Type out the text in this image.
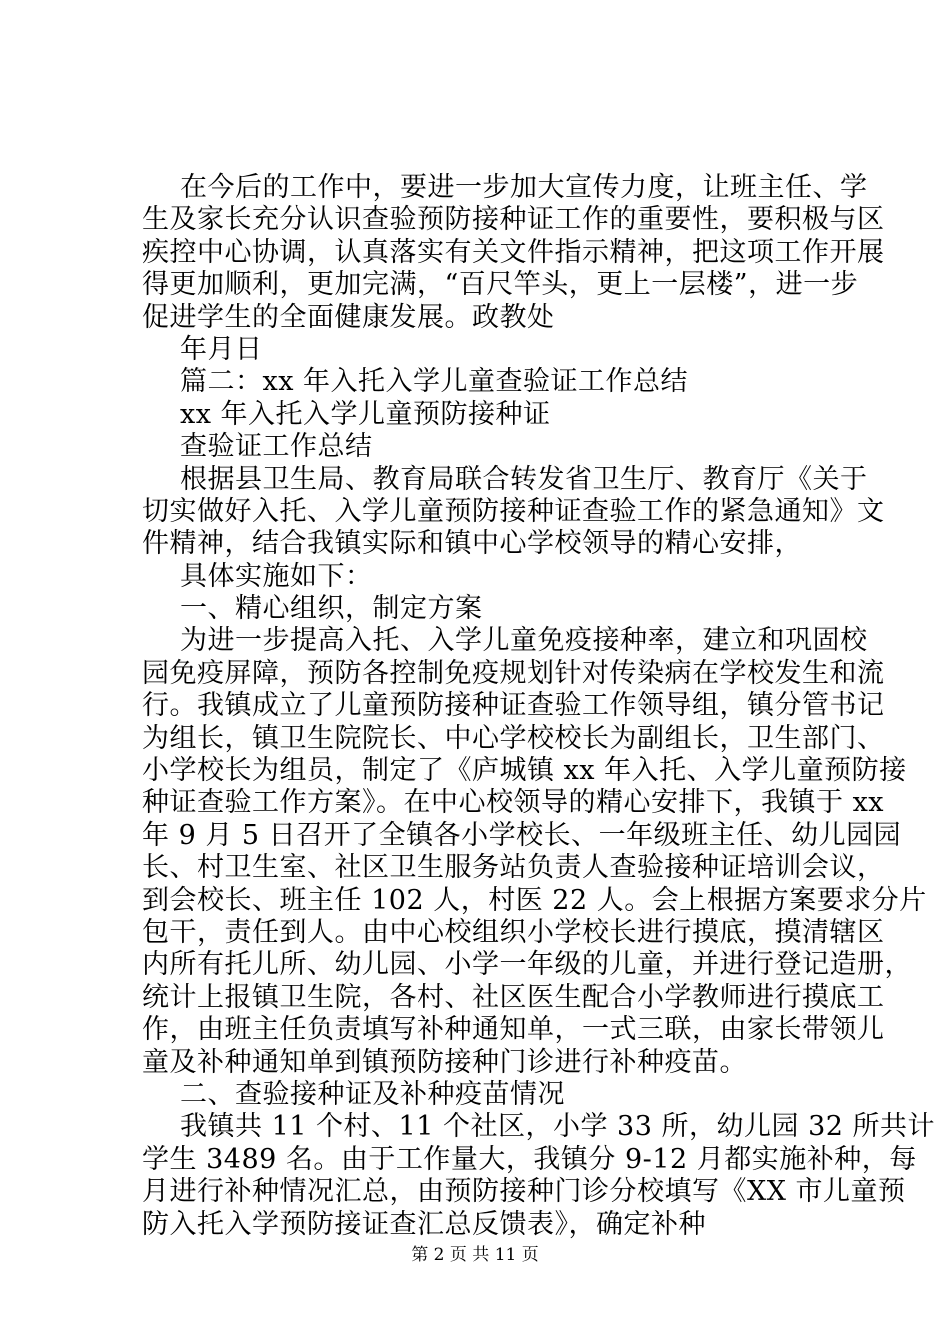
在今后的工作中，要进一步加大宣传力度，让班主任、学
生及家长充分认识查验预防接种证工作的重要性，要积极与区
疾控中心协调，认真落实有关文件指示精神，把这项工作开展
得更加顺利，更加完满，“百尺竿头，更上一层楼”，进一步
促进学生的全面健康发展。政教处
年月日
篇二：xx 年入托入学儿童查验证工作总结
xx 年入托入学儿童预防接种证
查验证工作总结
根据县卫生局、教育局联合转发省卫生厅、教育厅《关于
切实做好入托、入学儿童预防接种证查验工作的紧急通知》文
件精神，结合我镇实际和镇中心学校领导的精心安排，
具体实施如下：
一、精心组织，制定方案
为进一步提高入托、入学儿童免疫接种率，建立和巩固校
园免疫屏障，预防各控制免疫规划针对传染病在学校发生和流
行。我镇成立了儿童预防接种证查验工作领导组，镇分管书记
为组长，镇卫生院院长、中心学校校长为副组长，卫生部门、
小学校长为组员，制定了《庐城镇 xx 年入托、入学儿童预防接
种证查验工作方案》。在中心校领导的精心安排下，我镇于 xx
年 9 月 5 日召开了全镇各小学校长、一年级班主任、幼儿园园
长、村卫生室、社区卫生服务站负责人查验接种证培训会议，
到会校长、班主任 102 人，村医 22 人。会上根据方案要求分片
包干，责任到人。由中心校组织小学校长进行摸底，摸清辖区
内所有托儿所、幼儿园、小学一年级的儿童，并进行登记造册，
统计上报镇卫生院，各村、社区医生配合小学教师进行摸底工
作，由班主任负责填写补种通知单，一式三联，由家长带领儿
童及补种通知单到镇预防接种门诊进行补种疫苗。
二、查验接种证及补种疫苗情况
我镇共 11 个村、11 个社区，小学 33 所，幼儿园 32 所共计
学生 3489 名。由于工作量大，我镇分 9-12 月都实施补种，每
月进行补种情况汇总，由预防接种门诊分校填写《XX 市儿童预
防入托入学预防接证查汇总反馈表》，确定补种
第 2 页 共 11 页
